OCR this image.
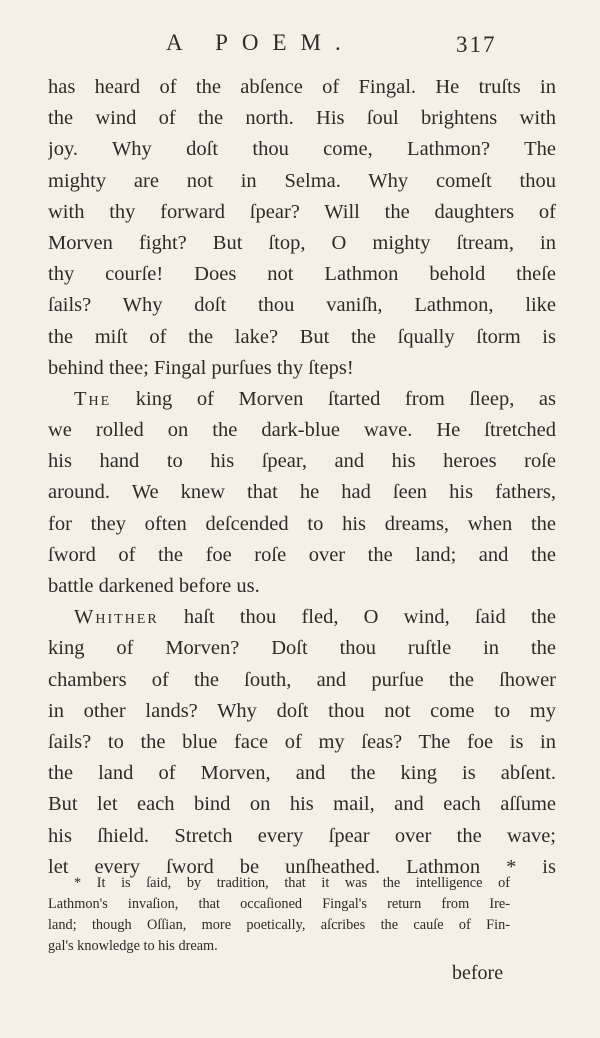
A POEM.	317
has heard of the abſence of Fingal. He truſts in
the wind of the north. His ſoul brightens with
joy. Why doſt thou come, Lathmon? The
mighty are not in Selma. Why comeſt thou
with thy forward ſpear? Will the daughters of
Morven fight? But ſtop, O mighty ſtream, in
thy courſe! Does not Lathmon behold theſe
ſails? Why doſt thou vaniſh, Lathmon, like
the miſt of the lake? But the ſqually ſtorm is
behind thee; Fingal purſues thy ſteps!
The king of Morven ſtarted from ſleep, as
we rolled on the dark-blue wave. He ſtretched
his hand to his ſpear, and his heroes roſe
around. We knew that he had ſeen his fathers,
for they often deſcended to his dreams, when the
ſword of the foe roſe over the land; and the
battle darkened before us.
Whither haſt thou fled, O wind, ſaid the
king of Morven? Doſt thou ruſtle in the
chambers of the ſouth, and purſue the ſhower
in other lands? Why doſt thou not come to my
ſails? to the blue face of my ſeas? The foe is in
the land of Morven, and the king is abſent.
But let each bind on his mail, and each aſſume
his ſhield. Stretch every ſpear over the wave;
let every ſword be unſheathed. Lathmon * is
* It is ſaid, by tradition, that it was the intelligence of
Lathmon's invaſion, that occaſioned Fingal's return from Ire-
land; though Oſſian, more poetically, aſcribes the cauſe of Fin-
gal's knowledge to his dream.
before
